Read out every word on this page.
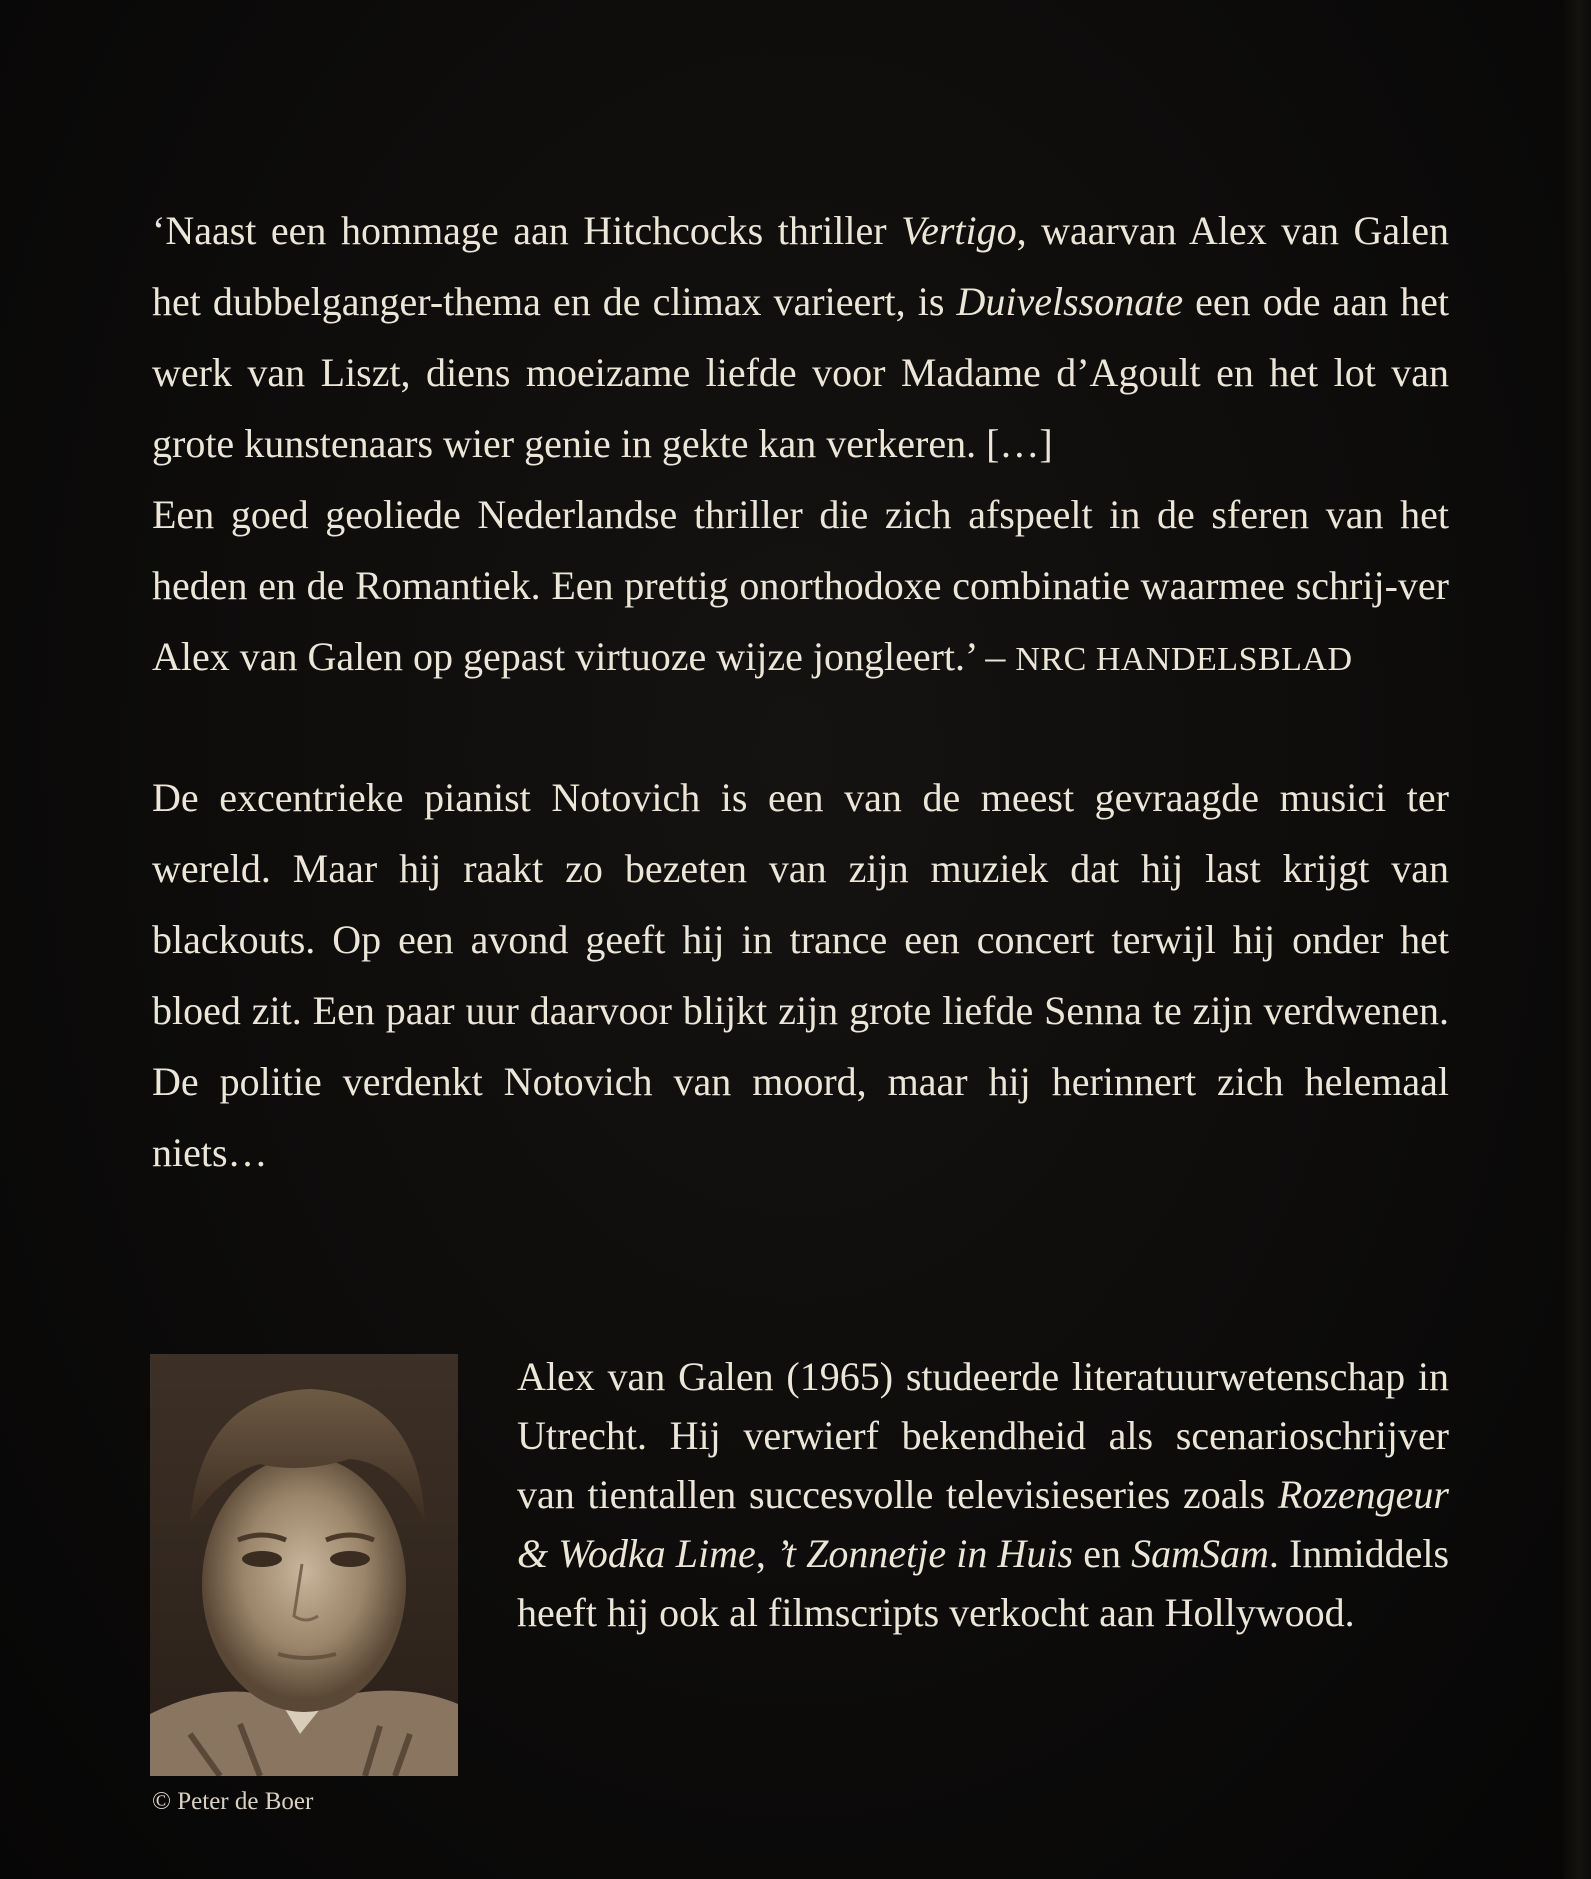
‘Naast een hommage aan Hitchcocks thriller Vertigo, waarvan Alex van Galen het dubbelganger-thema en de climax varieert, is Duivelssonate een ode aan het werk van Liszt, diens moeizame liefde voor Madame d’Agoult en het lot van grote kunstenaars wier genie in gekte kan verkeren. […]

Een goed geoliede Nederlandse thriller die zich afspeelt in de sferen van het heden en de Romantiek. Een prettig onorthodoxe combinatie waarmee schrij-ver Alex van Galen op gepast virtuoze wijze jongleert.’ – NRC HANDELSBLAD

De excentrieke pianist Notovich is een van de meest gevraagde musici ter wereld. Maar hij raakt zo bezeten van zijn muziek dat hij last krijgt van blackouts. Op een avond geeft hij in trance een concert terwijl hij onder het bloed zit. Een paar uur daarvoor blijkt zijn grote liefde Senna te zijn verdwenen. De politie verdenkt Notovich van moord, maar hij herinnert zich helemaal niets…

© Peter de Boer

Alex van Galen (1965) studeerde literatuurwetenschap in Utrecht. Hij verwierf bekendheid als scenarioschrijver van tientallen succesvolle televisieseries zoals Rozengeur & Wodka Lime, ’t Zonnetje in Huis en SamSam. Inmiddels heeft hij ook al filmscripts verkocht aan Hollywood.
